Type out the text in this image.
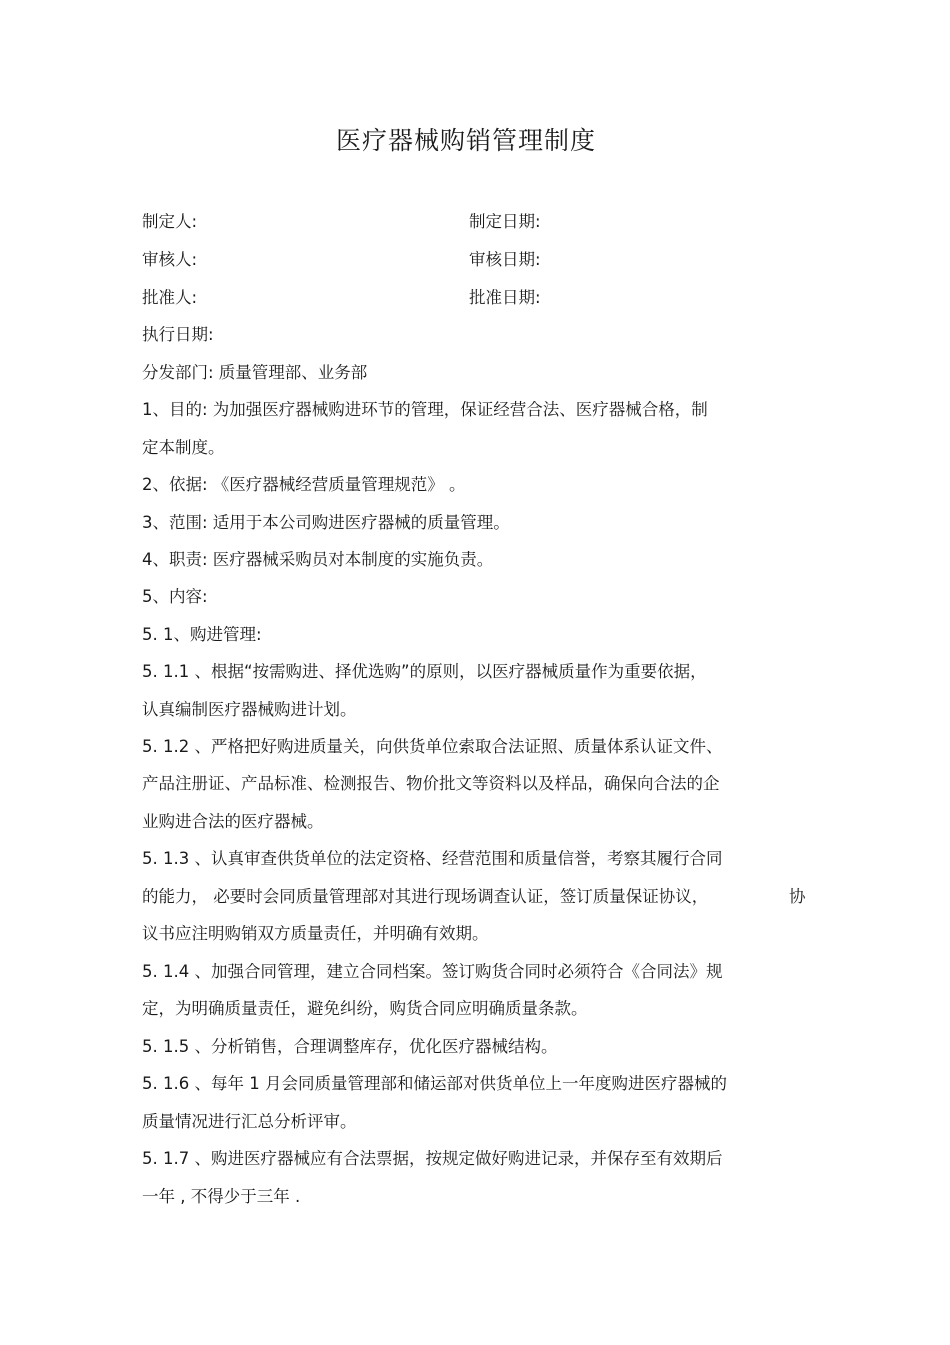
医疗器械购销管理制度
制定人:	制定日期:
审核人:	审核日期:
批准人:	批准日期:
执行日期:
分发部门: 质量管理部、业务部
1、目的: 为加强医疗器械购进环节的管理，保证经营合法、医疗器械合格，制
定本制度。
2、依据: 《医疗器械经营质量管理规范》 。
3、范围: 适用于本公司购进医疗器械的质量管理。
4、职责: 医疗器械采购员对本制度的实施负责。
5、内容:
5. 1、购进管理:
5. 1.1 、根据“按需购进、择优选购”的原则，以医疗器械质量作为重要依据，
认真编制医疗器械购进计划。
5. 1.2 、严格把好购进质量关，向供货单位索取合法证照、质量体系认证文件、
产品注册证、产品标准、检测报告、物价批文等资料以及样品，确保向合法的企
业购进合法的医疗器械。
5. 1.3 、认真审查供货单位的法定资格、经营范围和质量信誉，考察其履行合同
的能力， 必要时会同质量管理部对其进行现场调查认证，签订质量保证协议，	协
议书应注明购销双方质量责任，并明确有效期。
5. 1.4 、加强合同管理，建立合同档案。签订购货合同时必须符合《合同法》规
定，为明确质量责任，避免纠纷，购货合同应明确质量条款。
5. 1.5 、分析销售，合理调整库存，优化医疗器械结构。
5. 1.6 、每年 1 月会同质量管理部和储运部对供货单位上一年度购进医疗器械的
质量情况进行汇总分析评审。
5. 1.7 、购进医疗器械应有合法票据，按规定做好购进记录，并保存至有效期后
一年 , 不得少于三年 .
